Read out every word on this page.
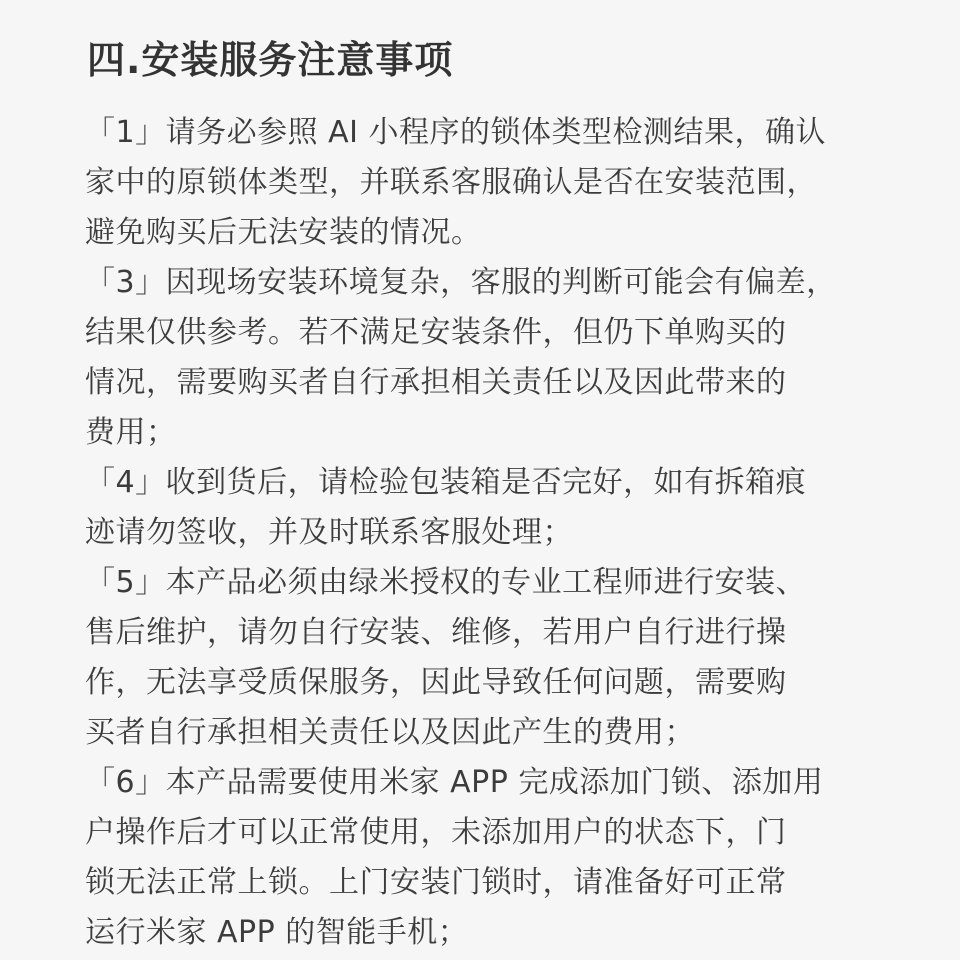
四.安装服务注意事项
「1」请务必参照 AI 小程序的锁体类型检测结果，确认
家中的原锁体类型，并联系客服确认是否在安装范围，
避免购买后无法安装的情况。
「3」因现场安装环境复杂，客服的判断可能会有偏差，
结果仅供参考。若不满足安装条件，但仍下单购买的
情况，需要购买者自行承担相关责任以及因此带来的
费用；
「4」收到货后，请检验包装箱是否完好，如有拆箱痕
迹请勿签收，并及时联系客服处理；
「5」本产品必须由绿米授权的专业工程师进行安装、
售后维护，请勿自行安装、维修，若用户自行进行操
作，无法享受质保服务，因此导致任何问题，需要购
买者自行承担相关责任以及因此产生的费用；
「6」本产品需要使用米家 APP 完成添加门锁、添加用
户操作后才可以正常使用，未添加用户的状态下，门
锁无法正常上锁。上门安装门锁时，请准备好可正常
运行米家 APP 的智能手机；
